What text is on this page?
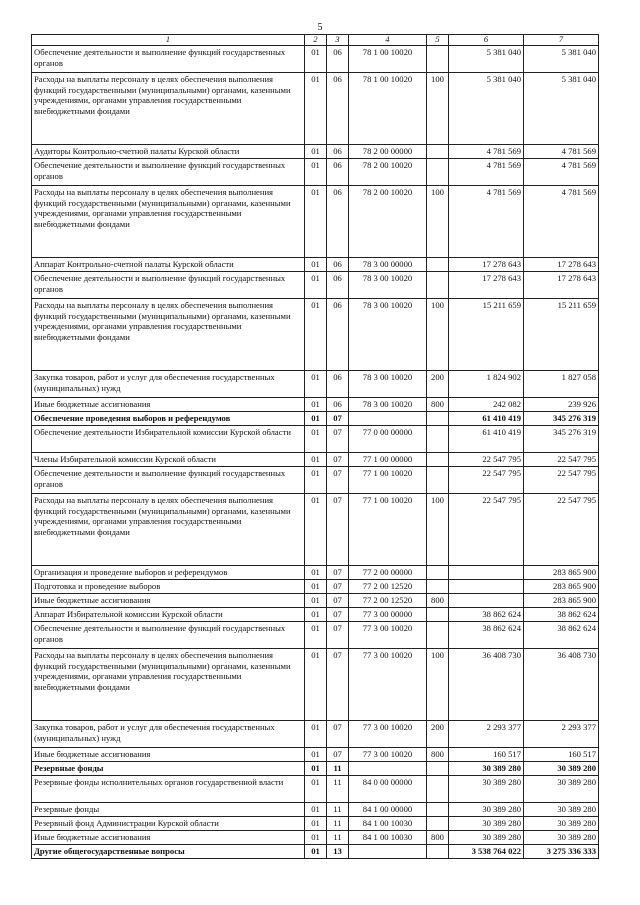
5
1	2	3	4	5	6	7
Обеспечение деятельности и выполнение функций государственных органов	01	06	78 1 00 10020		5 381 040	5 381 040
Расходы на выплаты персоналу в целях обеспечения выполнения функций государственными (муниципальными) органами, казенными учреждениями, органами управления государственными внебюджетными фондами	01	06	78 1 00 10020	100	5 381 040	5 381 040
Аудиторы Контрольно-счетной палаты Курской области	01	06	78 2 00 00000		4 781 569	4 781 569
Обеспечение деятельности и выполнение функций государственных органов	01	06	78 2 00 10020		4 781 569	4 781 569
Расходы на выплаты персоналу в целях обеспечения выполнения функций государственными (муниципальными) органами, казенными учреждениями, органами управления государственными внебюджетными фондами	01	06	78 2 00 10020	100	4 781 569	4 781 569
Аппарат Контрольно-счетной палаты Курской области	01	06	78 3 00 00000		17 278 643	17 278 643
Обеспечение деятельности и выполнение функций государственных органов	01	06	78 3 00 10020		17 278 643	17 278 643
Расходы на выплаты персоналу в целях обеспечения выполнения функций государственными (муниципальными) органами, казенными учреждениями, органами управления государственными внебюджетными фондами	01	06	78 3 00 10020	100	15 211 659	15 211 659
Закупка товаров, работ и услуг для обеспечения государственных (муниципальных) нужд	01	06	78 3 00 10020	200	1 824 902	1 827 058
Иные бюджетные ассигнования	01	06	78 3 00 10020	800	242 082	239 926
Обеспечение проведения выборов и референдумов	01	07			61 410 419	345 276 319
Обеспечение деятельности Избирательной комиссии Курской области	01	07	77 0 00 00000		61 410 419	345 276 319
Члены Избирательной комиссии Курской области	01	07	77 1 00 00000		22 547 795	22 547 795
Обеспечение деятельности и выполнение функций государственных органов	01	07	77 1 00 10020		22 547 795	22 547 795
Расходы на выплаты персоналу в целях обеспечения выполнения функций государственными (муниципальными) органами, казенными учреждениями, органами управления государственными внебюджетными фондами	01	07	77 1 00 10020	100	22 547 795	22 547 795
Организация и проведение выборов и референдумов	01	07	77 2 00 00000			283 865 900
Подготовка и проведение выборов	01	07	77 2 00 12520			283 865 900
Иные бюджетные ассигнования	01	07	77 2 00 12520	800		283 865 900
Аппарат Избирательной комиссии Курской области	01	07	77 3 00 00000		38 862 624	38 862 624
Обеспечение деятельности и выполнение функций государственных органов	01	07	77 3 00 10020		38 862 624	38 862 624
Расходы на выплаты персоналу в целях обеспечения выполнения функций государственными (муниципальными) органами, казенными учреждениями, органами управления государственными внебюджетными фондами	01	07	77 3 00 10020	100	36 408 730	36 408 730
Закупка товаров, работ и услуг для обеспечения государственных (муниципальных) нужд	01	07	77 3 00 10020	200	2 293 377	2 293 377
Иные бюджетные ассигнования	01	07	77 3 00 10020	800	160 517	160 517
Резервные фонды	01	11			30 389 280	30 389 280
Резервные фонды исполнительных органов государственной власти	01	11	84 0 00 00000		30 389 280	30 389 280
Резервные фонды	01	11	84 1 00 00000		30 389 280	30 389 280
Резервный фонд Администрации Курской области	01	11	84 1 00 10030		30 389 280	30 389 280
Иные бюджетные ассигнования	01	11	84 1 00 10030	800	30 389 280	30 389 280
Другие общегосударственные вопросы	01	13			3 538 764 022	3 275 336 333
